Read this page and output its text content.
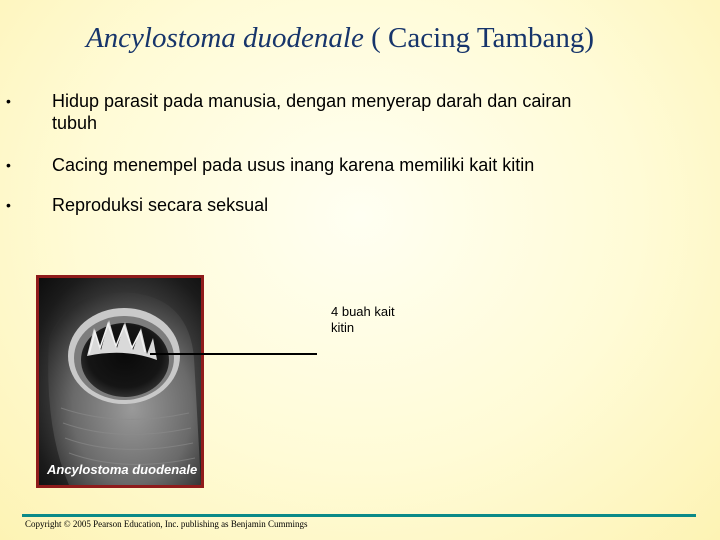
Ancylostoma duodenale ( Cacing Tambang)
• Hidup parasit pada manusia, dengan menyerap darah dan cairan tubuh
• Cacing menempel pada usus inang karena memiliki kait kitin
• Reproduksi secara seksual
Ancylostoma duodenale
4 buah kait kitin
Copyright © 2005 Pearson Education, Inc. publishing as Benjamin Cummings
